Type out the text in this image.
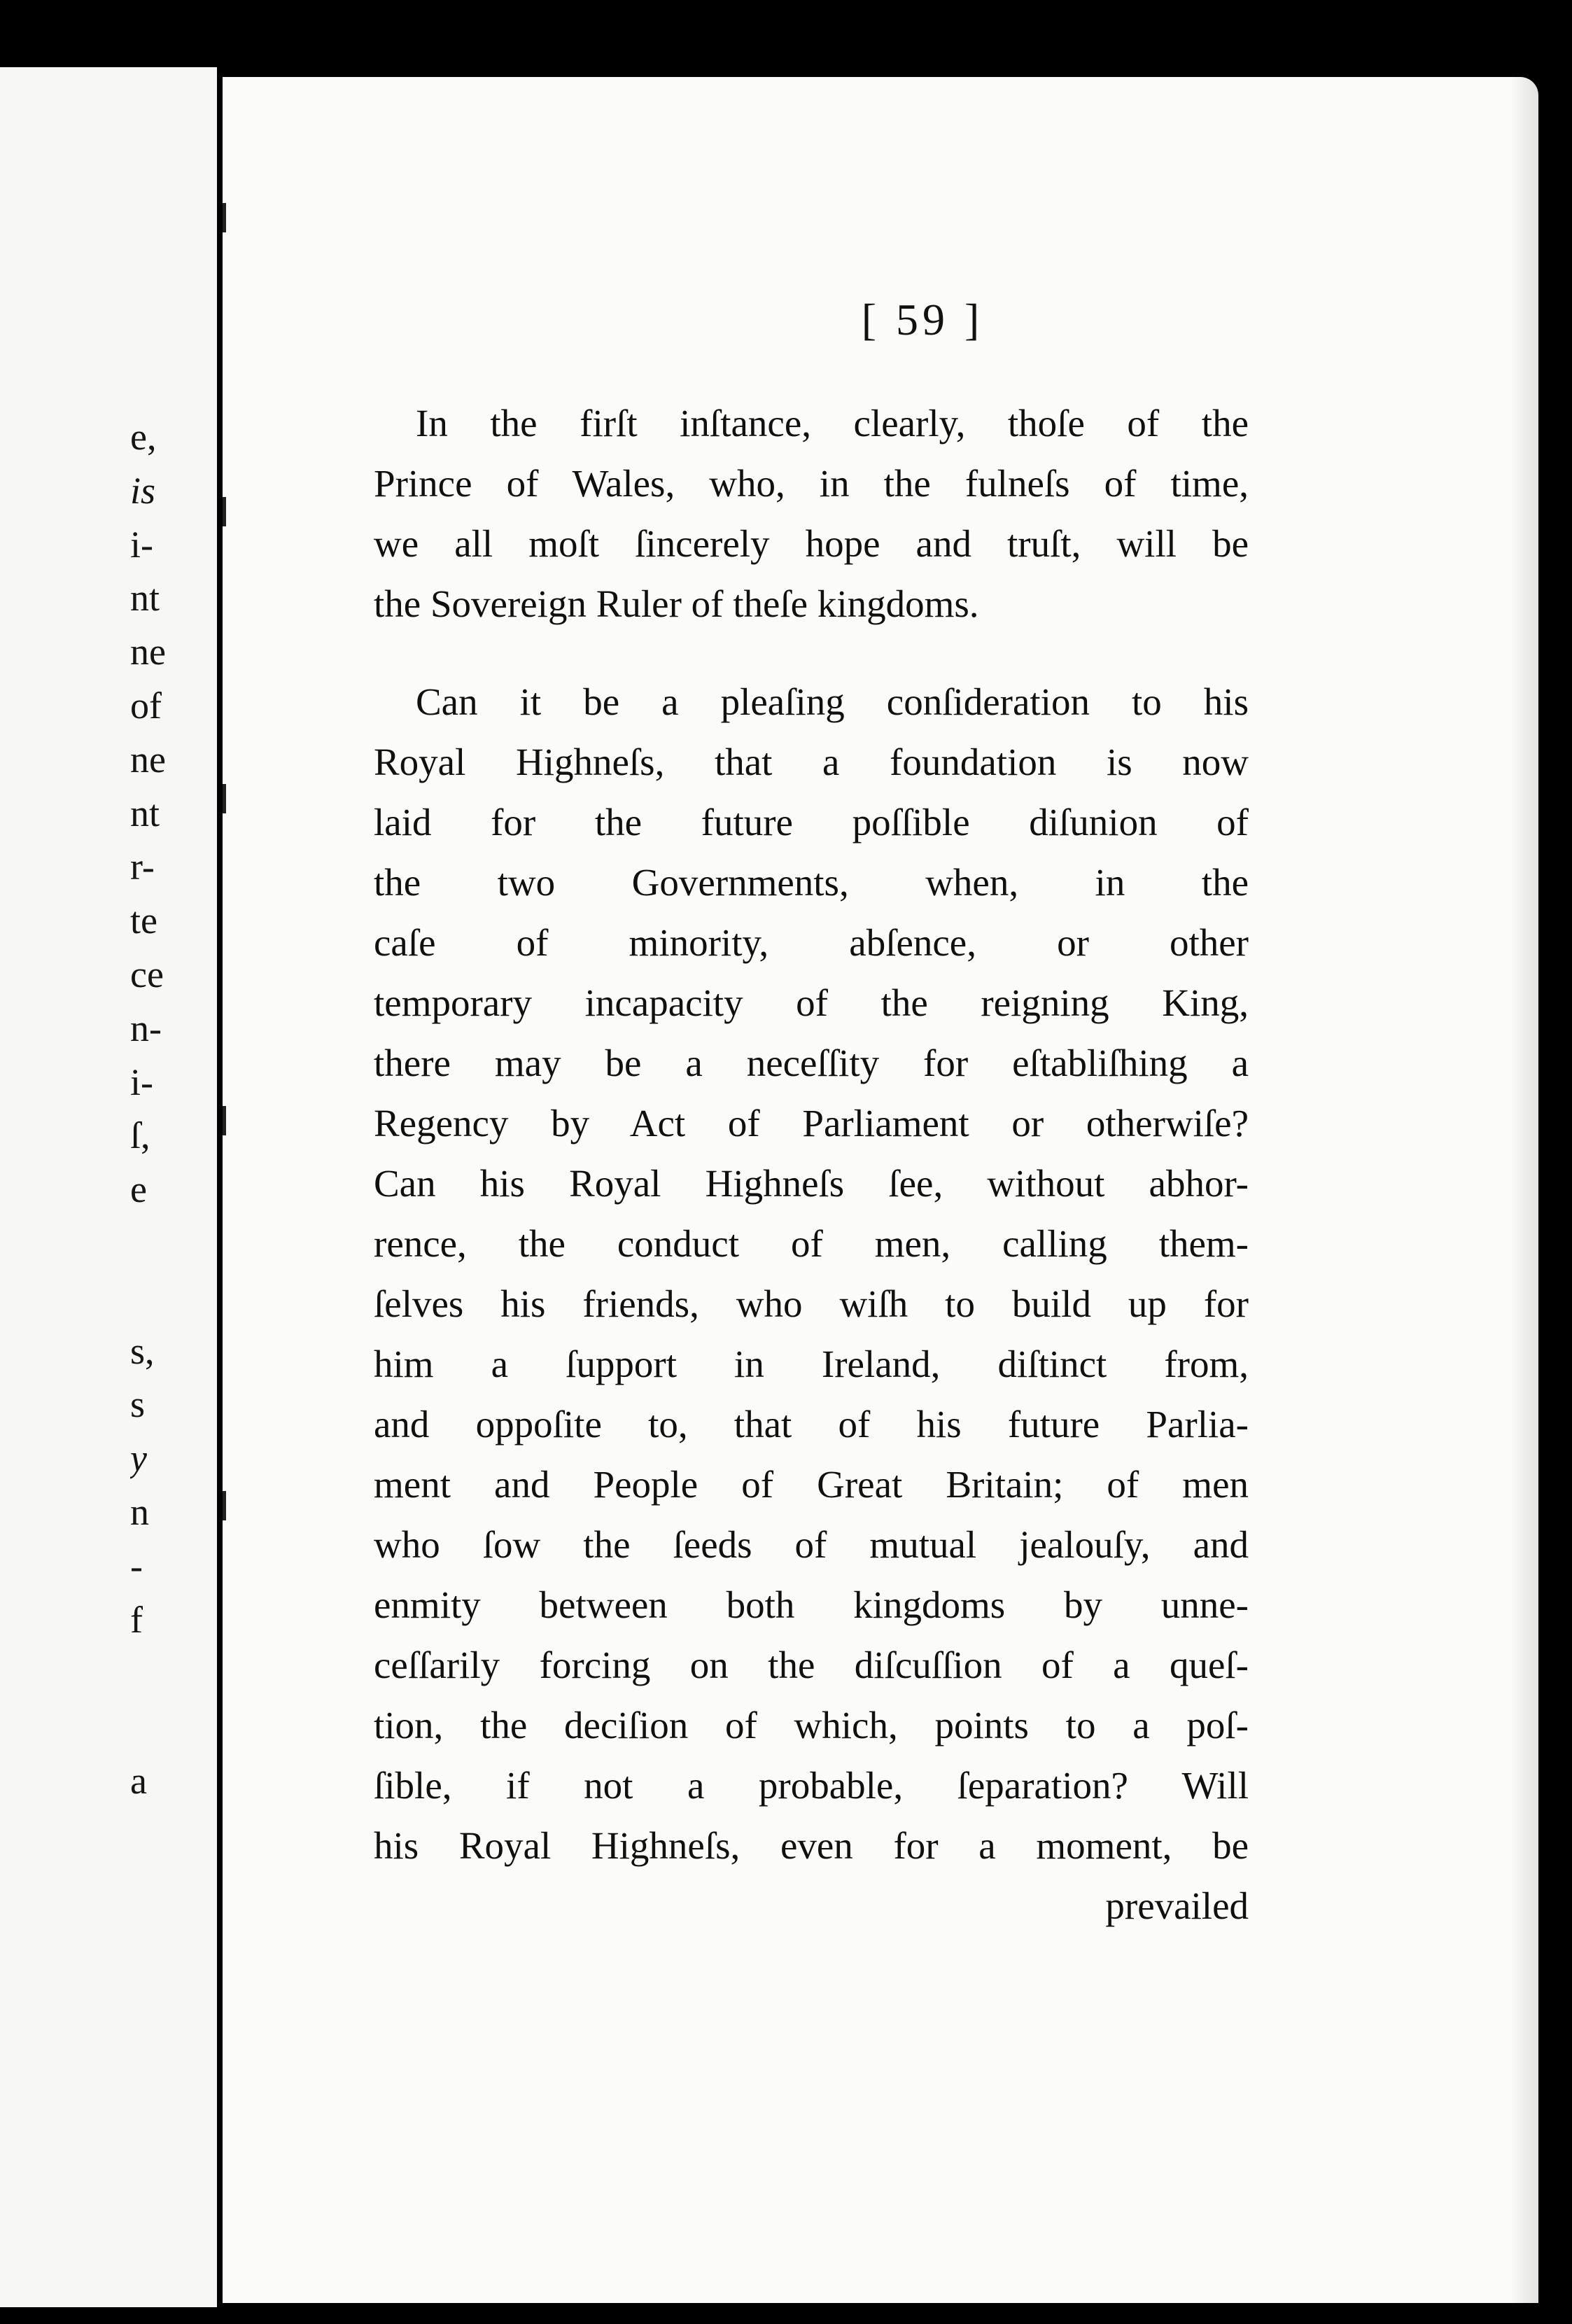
e,
is
i-
nt
ne
of
ne
nt
r-
te
ce
n-
i-
ſ,
e
s,
s
y
n
-
f
a
[ 59 ]
In the firſt inſtance, clearly, thoſe of the
Prince of Wales, who, in the fulneſs of time,
we all moſt ſincerely hope and truſt, will be
the Sovereign Ruler of theſe kingdoms.
Can it be a pleaſing conſideration to his
Royal Highneſs, that a foundation is now
laid for the future poſſible diſunion of
the two Governments, when, in the
caſe of minority, abſence, or other
temporary incapacity of the reigning King,
there may be a neceſſity for eſtabliſhing a
Regency by Act of Parliament or otherwiſe?
Can his Royal Highneſs ſee, without abhor-
rence, the conduct of men, calling them-
ſelves his friends, who wiſh to build up for
him a ſupport in Ireland, diſtinct from,
and oppoſite to, that of his future Parlia-
ment and People of Great Britain; of men
who ſow the ſeeds of mutual jealouſy, and
enmity between both kingdoms by unne-
ceſſarily forcing on the diſcuſſion of a queſ-
tion, the deciſion of which, points to a poſ-
ſible, if not a probable, ſeparation? Will
his Royal Highneſs, even for a moment, be
prevailed
